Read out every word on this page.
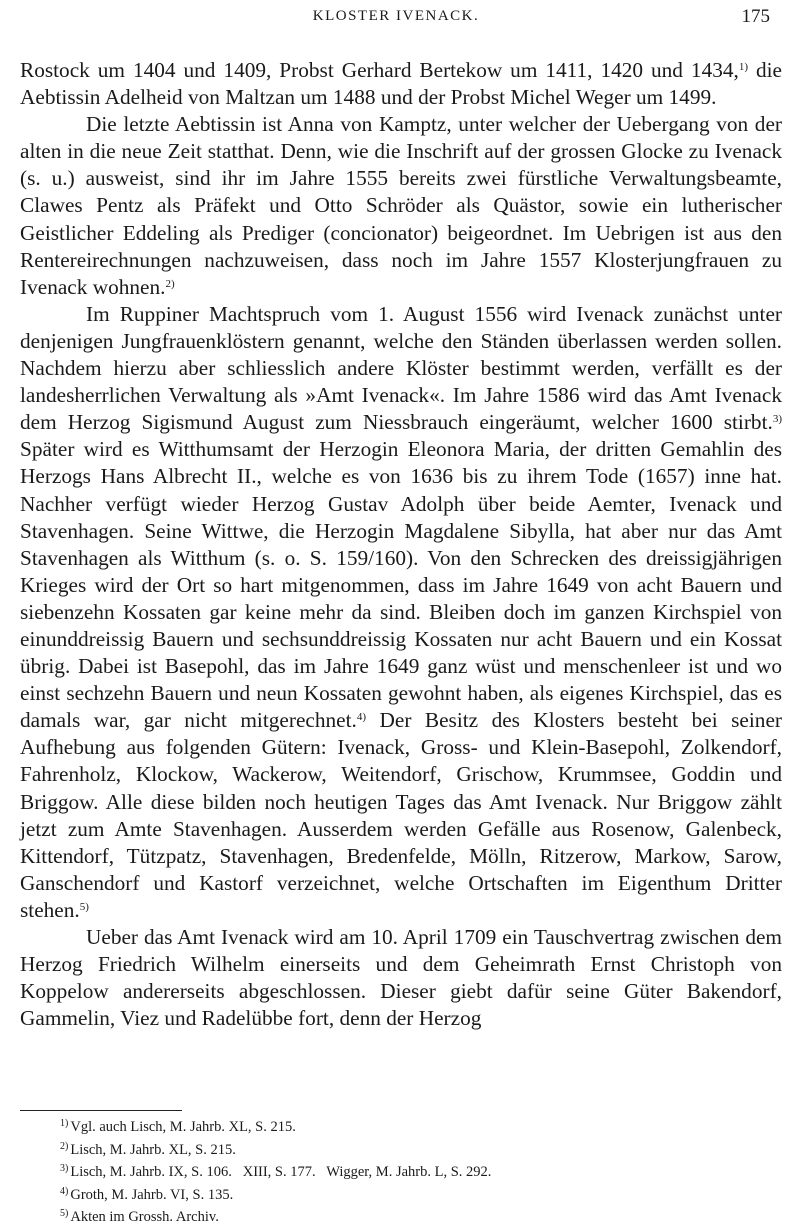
KLOSTER IVENACK.	175

Rostock um 1404 und 1409, Probst Gerhard Bertekow um 1411, 1420 und 1434,$^{1)}$ die Aebtissin Adelheid von Maltzan um 1488 und der Probst Michel Weger um 1499.

Die letzte Aebtissin ist Anna von Kamptz, unter welcher der Uebergang von der alten in die neue Zeit statthat. Denn, wie die Inschrift auf der grossen Glocke zu Ivenack (s. u.) ausweist, sind ihr im Jahre 1555 bereits zwei fürstliche Verwaltungsbeamte, Clawes Pentz als Präfekt und Otto Schröder als Quästor, sowie ein lutherischer Geistlicher Eddeling als Prediger (concionator) beigeordnet. Im Uebrigen ist aus den Rentereirechnungen nachzuweisen, dass noch im Jahre 1557 Klosterjungfrauen zu Ivenack wohnen.$^{2)}$

Im Ruppiner Machtspruch vom 1. August 1556 wird Ivenack zunächst unter denjenigen Jungfrauenklöstern genannt, welche den Ständen überlassen werden sollen. Nachdem hierzu aber schliesslich andere Klöster bestimmt werden, verfällt es der landesherrlichen Verwaltung als »Amt Ivenack«. Im Jahre 1586 wird das Amt Ivenack dem Herzog Sigismund August zum Niessbrauch eingeräumt, welcher 1600 stirbt.$^{3)}$ Später wird es Witthumsamt der Herzogin Eleonora Maria, der dritten Gemahlin des Herzogs Hans Albrecht II., welche es von 1636 bis zu ihrem Tode (1657) inne hat. Nachher verfügt wieder Herzog Gustav Adolph über beide Aemter, Ivenack und Stavenhagen. Seine Wittwe, die Herzogin Magdalene Sibylla, hat aber nur das Amt Stavenhagen als Witthum (s. o. S. 159/160). Von den Schrecken des dreissigjährigen Krieges wird der Ort so hart mitgenommen, dass im Jahre 1649 von acht Bauern und siebenzehn Kossaten gar keine mehr da sind. Bleiben doch im ganzen Kirchspiel von einunddreissig Bauern und sechsunddreissig Kossaten nur acht Bauern und ein Kossat übrig. Dabei ist Basepohl, das im Jahre 1649 ganz wüst und menschenleer ist und wo einst sechzehn Bauern und neun Kossaten gewohnt haben, als eigenes Kirchspiel, das es damals war, gar nicht mitgerechnet.$^{4)}$ Der Besitz des Klosters besteht bei seiner Aufhebung aus folgenden Gütern: Ivenack, Gross- und Klein-Basepohl, Zolkendorf, Fahrenholz, Klockow, Wackerow, Weitendorf, Grischow, Krummsee, Goddin und Briggow. Alle diese bilden noch heutigen Tages das Amt Ivenack. Nur Briggow zählt jetzt zum Amte Stavenhagen. Ausserdem werden Gefälle aus Rosenow, Galenbeck, Kittendorf, Tützpatz, Stavenhagen, Bredenfelde, Mölln, Ritzerow, Markow, Sarow, Ganschendorf und Kastorf verzeichnet, welche Ortschaften im Eigenthum Dritter stehen.$^{5)}$

Ueber das Amt Ivenack wird am 10. April 1709 ein Tauschvertrag zwischen dem Herzog Friedrich Wilhelm einerseits und dem Geheimrath Ernst Christoph von Koppelow andererseits abgeschlossen. Dieser giebt dafür seine Güter Bakendorf, Gammelin, Viez und Radelübbe fort, denn der Herzog

$^{1)}$ Vgl. auch Lisch, M. Jahrb. XL, S. 215.
$^{2)}$ Lisch, M. Jahrb. XL, S. 215.
$^{3)}$ Lisch, M. Jahrb. IX, S. 106.   XIII, S. 177.   Wigger, M. Jahrb. L, S. 292.
$^{4)}$ Groth, M. Jahrb. VI, S. 135.
$^{5)}$ Akten im Grossh. Archiv.
